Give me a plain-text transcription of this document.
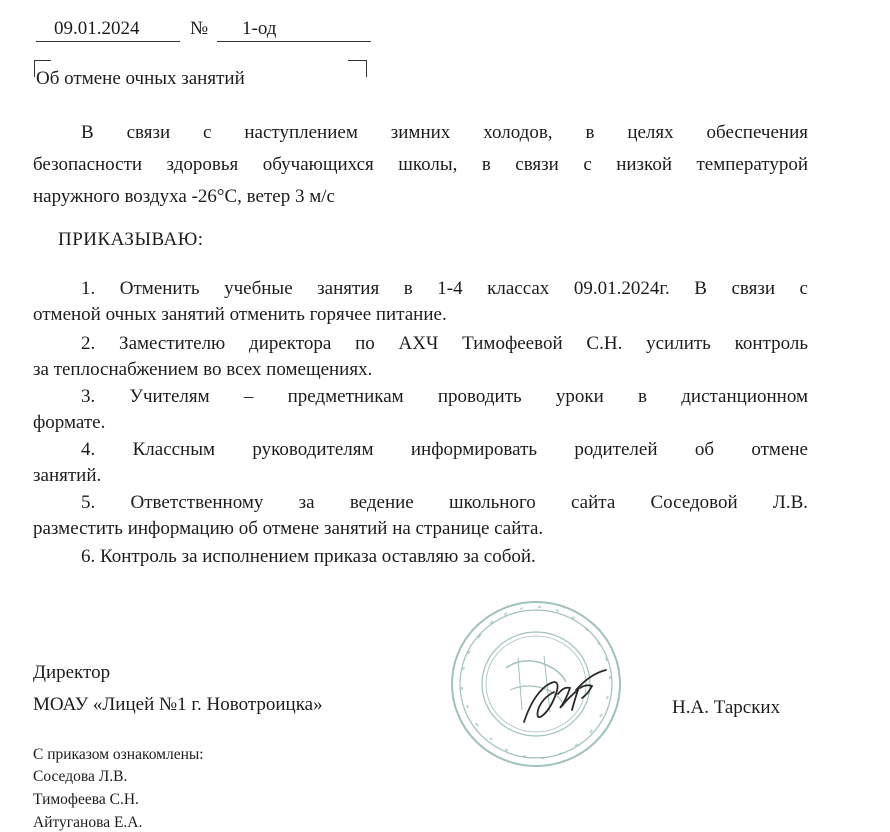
09.01.2024	№ 1-од
Об отмене очных занятий
В связи с наступлением зимних холодов, в целях обеспечения
безопасности здоровья обучающихся школы, в связи с низкой температурой
наружного воздуха -26°С, ветер 3 м/с
ПРИКАЗЫВАЮ:
1. Отменить учебные занятия в 1-4 классах 09.01.2024г. В связи с
отменой очных занятий отменить горячее питание.
2. Заместителю директора по АХЧ Тимофеевой С.Н. усилить контроль
за теплоснабжением во всех помещениях.
3. Учителям – предметникам проводить уроки в дистанционном
формате.
4. Классным руководителям информировать родителей об отмене
занятий.
5. Ответственному за ведение школьного сайта Соседовой Л.В.
разместить информацию об отмене занятий на странице сайта.
6. Контроль за исполнением приказа оставляю за собой.
Директор
МОАУ «Лицей №1 г. Новотроицка»	Н.А. Тарских
С приказом ознакомлены:
Соседова Л.В.
Тимофеева С.Н.
Айтуганова Е.А.
